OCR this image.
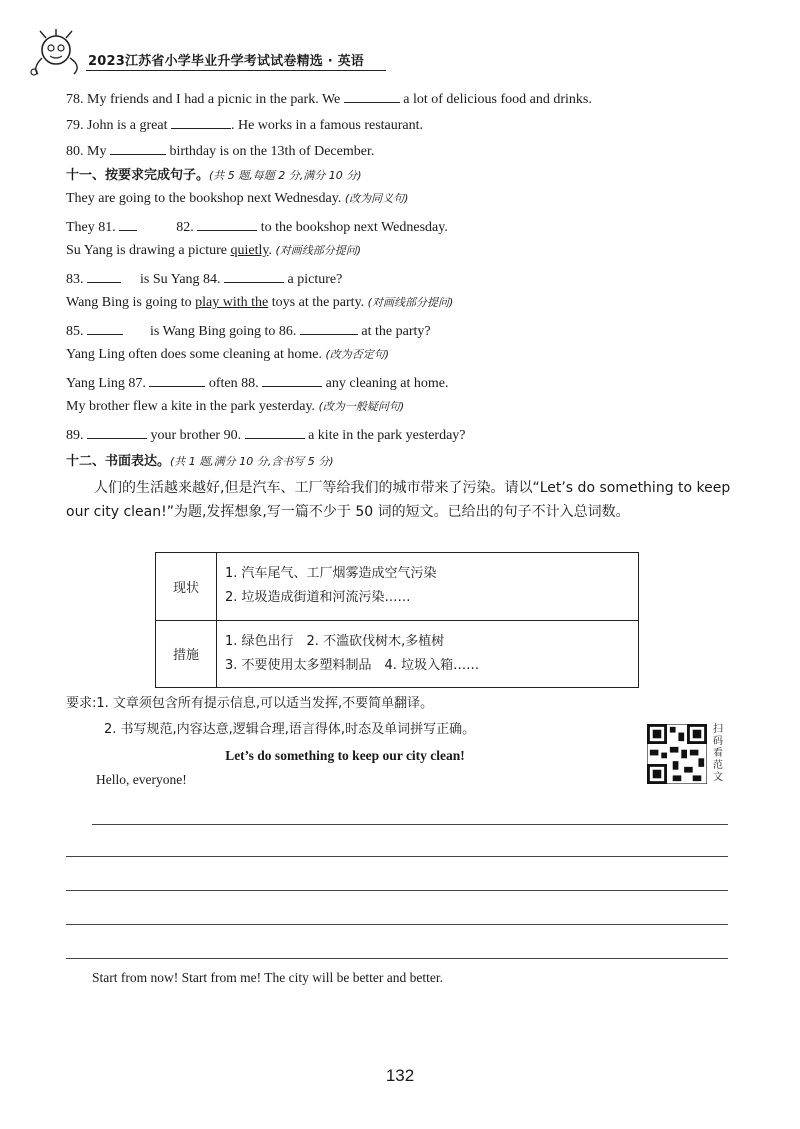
2023江苏省小学毕业升学考试试卷精选 · 英语
78. My friends and I had a picnic in the park. We	a lot of delicious food and drinks.
79. John is a great	. He works in a famous restaurant.
80. My	birthday is on the 13th of December.
十一、按要求完成句子。(共 5 题,每题 2 分,满分 10 分)
They are going to the bookshop next Wednesday. (改为同义句)
They 81.	82.	to the bookshop next Wednesday.
Su Yang is drawing a picture quietly. (对画线部分提问)
83.	is Su Yang 84.	a picture?
Wang Bing is going to play with the toys at the party. (对画线部分提问)
85.	is Wang Bing going to 86.	at the party?
Yang Ling often does some cleaning at home. (改为否定句)
Yang Ling 87.	often 88.	any cleaning at home.
My brother flew a kite in the park yesterday. (改为一般疑问句)
89.	your brother 90.	a kite in the park yesterday?
十二、书面表达。(共 1 题,满分 10 分,含书写 5 分)
人们的生活越来越好,但是汽车、工厂等给我们的城市带来了污染。请以“Let’s do something to keep our city clean!”为题,发挥想象,写一篇不少于 50 词的短文。已给出的句子不计入总词数。
现状	1. 汽车尾气、工厂烟雾造成空气污染
2. 垃圾造成街道和河流污染……

措施	1. 绿色出行　2. 不滥砍伐树木,多植树
3. 不要使用太多塑料制品　4. 垃圾入箱……
要求:1. 文章须包含所有提示信息,可以适当发挥,不要简单翻译。
2. 书写规范,内容达意,逻辑合理,语言得体,时态及单词拼写正确。	扫码看范文
Let’s do something to keep our city clean!
Hello, everyone!
Start from now! Start from me! The city will be better and better.
132
